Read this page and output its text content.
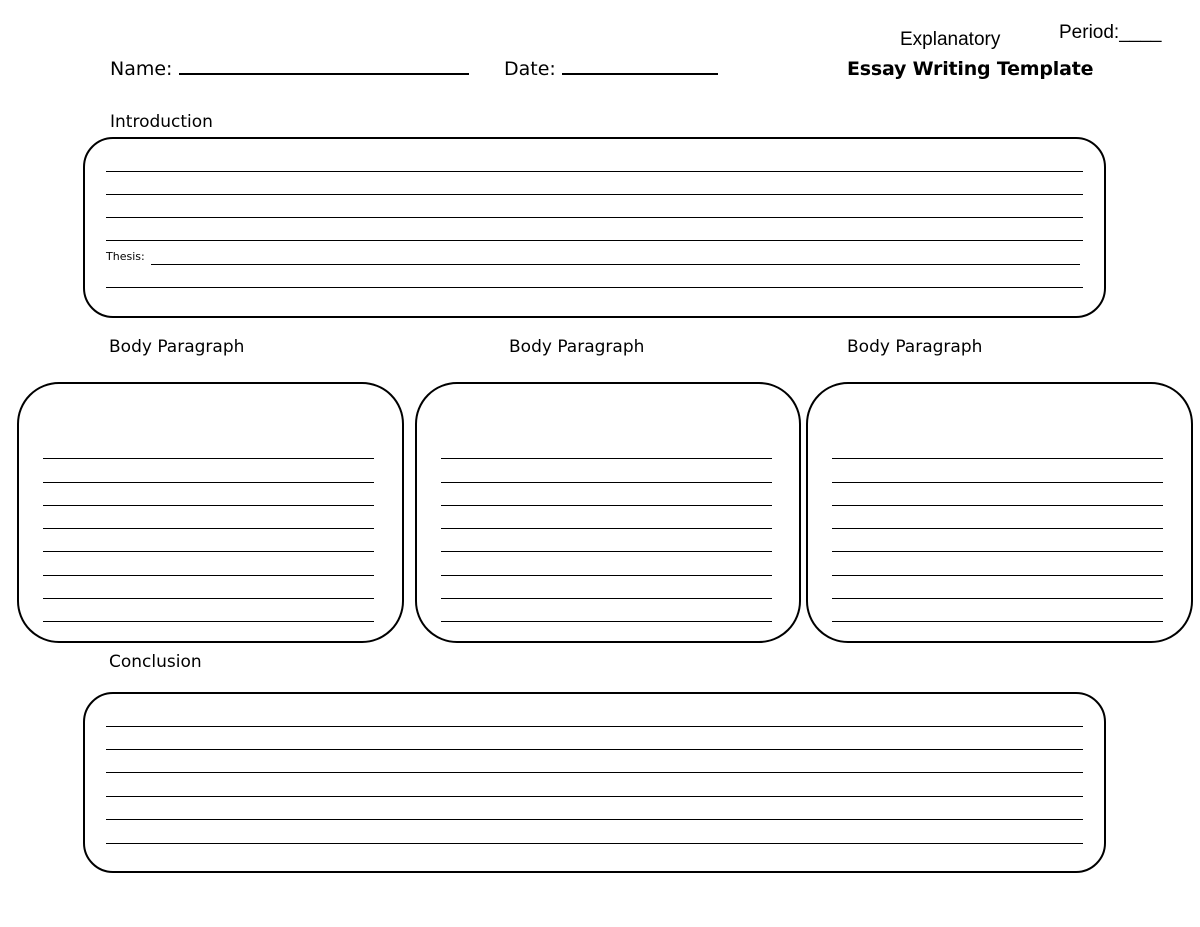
Name:	Date:
Explanatory	Period:____
Essay Writing Template
Introduction
Thesis:
Body Paragraph	Body Paragraph	Body Paragraph
Conclusion
